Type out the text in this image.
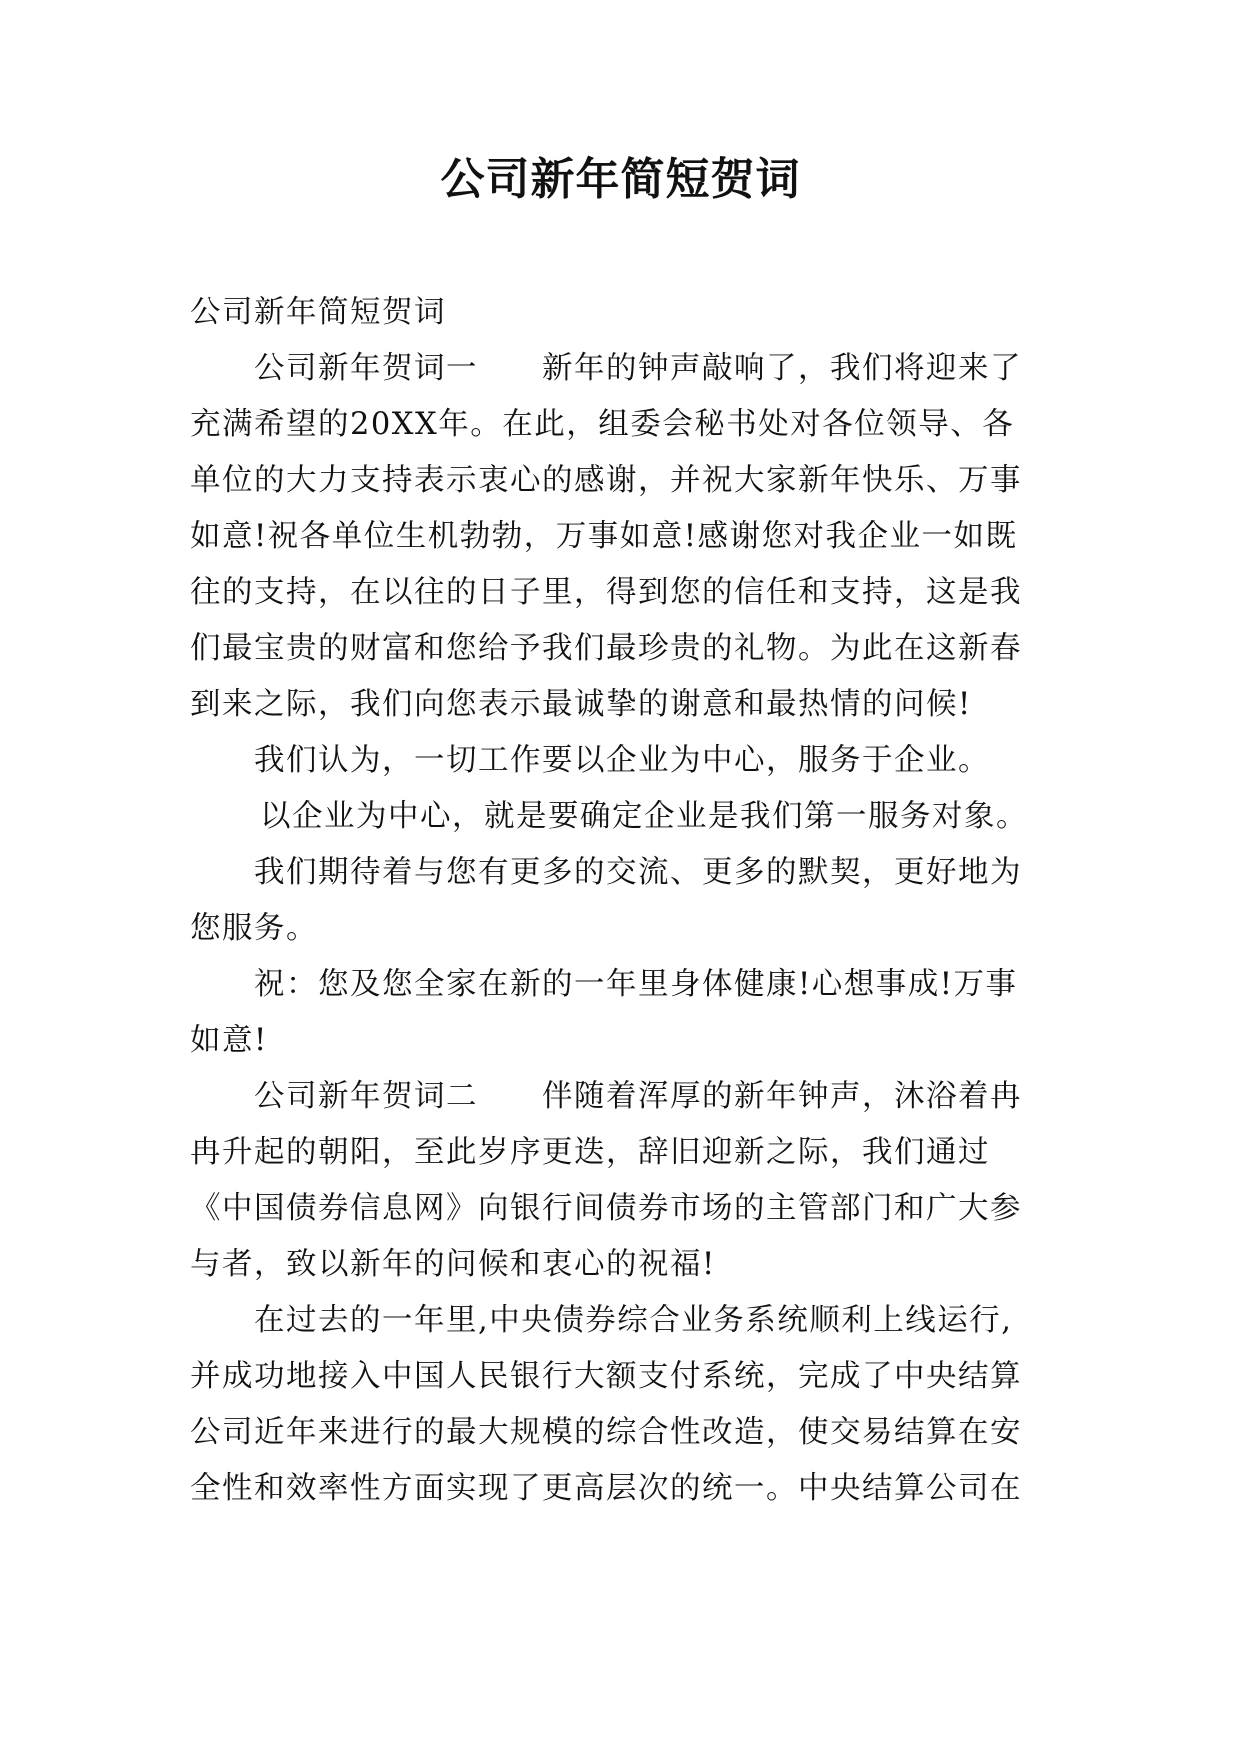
公司新年简短贺词
公司新年简短贺词
公司新年贺词一　　新年的钟声敲响了，我们将迎来了
充满希望的20XX年。在此，组委会秘书处对各位领导、各
单位的大力支持表示衷心的感谢，并祝大家新年快乐、万事
如意!祝各单位生机勃勃，万事如意!感谢您对我企业一如既
往的支持，在以往的日子里，得到您的信任和支持，这是我
们最宝贵的财富和您给予我们最珍贵的礼物。为此在这新春
到来之际，我们向您表示最诚挚的谢意和最热情的问候!
我们认为，一切工作要以企业为中心，服务于企业。
以企业为中心，就是要确定企业是我们第一服务对象。
我们期待着与您有更多的交流、更多的默契，更好地为
您服务。
祝：您及您全家在新的一年里身体健康!心想事成!万事
如意!
公司新年贺词二　　伴随着浑厚的新年钟声，沐浴着冉
冉升起的朝阳，至此岁序更迭，辞旧迎新之际，我们通过
《中国债券信息网》向银行间债券市场的主管部门和广大参
与者，致以新年的问候和衷心的祝福!
在过去的一年里,中央债券综合业务系统顺利上线运行,
并成功地接入中国人民银行大额支付系统，完成了中央结算
公司近年来进行的最大规模的综合性改造，使交易结算在安
全性和效率性方面实现了更高层次的统一。中央结算公司在
